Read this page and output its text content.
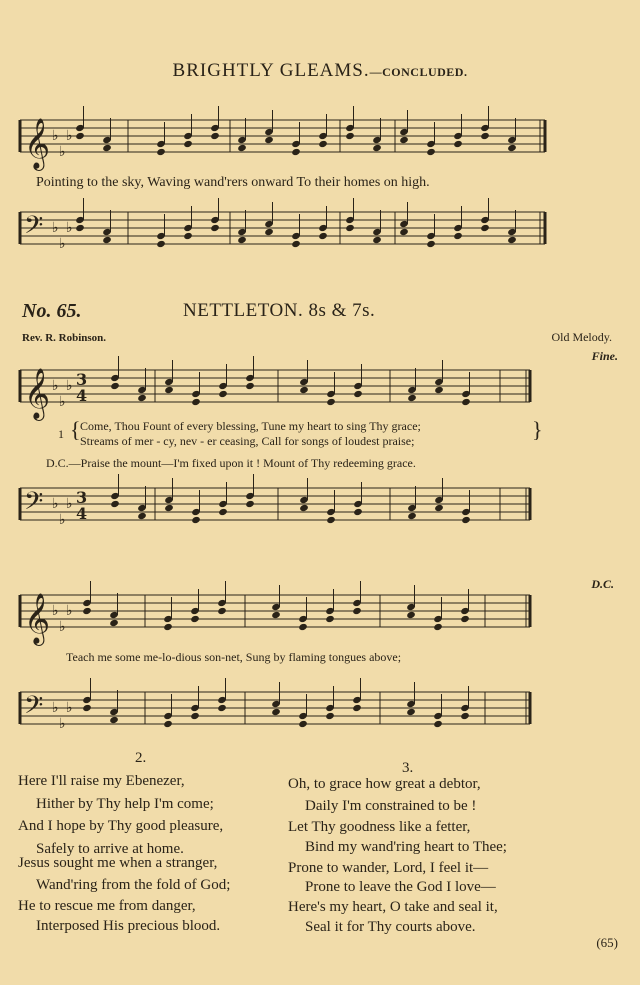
𝄞 ♭
♭
♭
𝄢 ♭
♭
♭
𝄞 ♭
♭
♭ 3
4
𝄢 ♭
♭
♭ 3
4
𝄞 ♭
♭
♭
𝄢 ♭
♭
♭
BRIGHTLY GLEAMS.—CONCLUDED.
Pointing to the sky, Waving wand'rers onward To their homes on high.
No. 65.	NETTLETON. 8s & 7s.
Rev. R. Robinson.	Old Melody.
Fine.
1 { Come, Thou Fount of every blessing, Tune my heart to sing Thy grace;
Streams of mer - cy, nev - er ceasing, Call for songs of loudest praise;	}
D.C.—Praise the mount—I'm fixed upon it ! Mount of Thy redeeming grace.
D.C.
Teach me some me-lo-dious son-net, Sung by flaming tongues above;
2.
3.
Here I'll raise my Ebenezer,
Hither by Thy help I'm come;
And I hope by Thy good pleasure,
Safely to arrive at home.
Jesus sought me when a stranger,
Wand'ring from the fold of God;
He to rescue me from danger,
Interposed His precious blood.
Oh, to grace how great a debtor,
Daily I'm constrained to be !
Let Thy goodness like a fetter,
Bind my wand'ring heart to Thee;
Prone to wander, Lord, I feel it—
Prone to leave the God I love—
Here's my heart, O take and seal it,
Seal it for Thy courts above.
(65)
